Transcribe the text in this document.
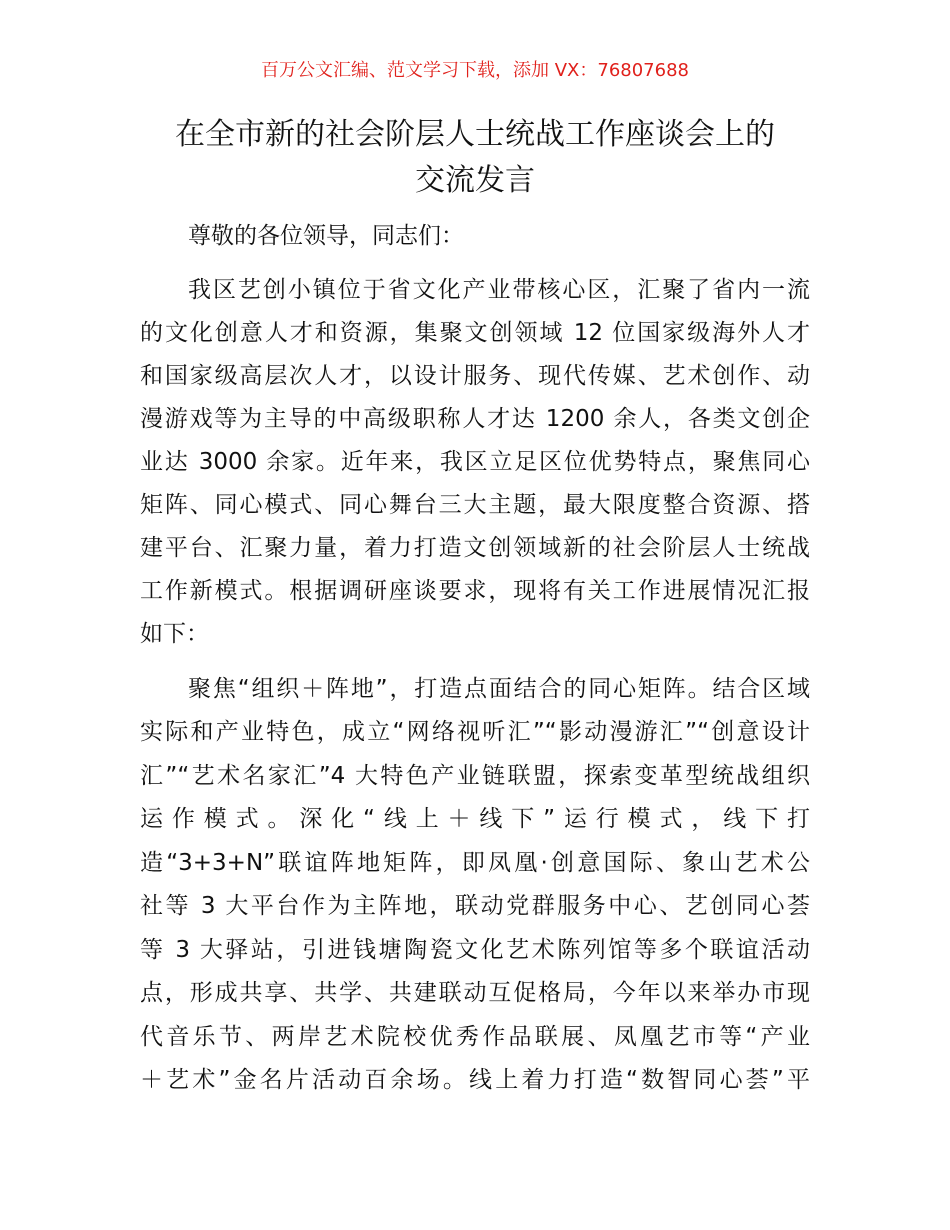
百万公文汇编、范文学习下载，添加 VX：76807688
在全市新的社会阶层人士统战工作座谈会上的
交流发言
尊敬的各位领导，同志们：
我区艺创小镇位于省文化产业带核心区，汇聚了省内一流
的文化创意人才和资源，集聚文创领域 12 位国家级海外人才
和国家级高层次人才，以设计服务、现代传媒、艺术创作、动
漫游戏等为主导的中高级职称人才达 1200 余人，各类文创企
业达 3000 余家。近年来，我区立足区位优势特点，聚焦同心
矩阵、同心模式、同心舞台三大主题，最大限度整合资源、搭
建平台、汇聚力量，着力打造文创领域新的社会阶层人士统战
工作新模式。根据调研座谈要求，现将有关工作进展情况汇报
如下：
聚焦“组织＋阵地”，打造点面结合的同心矩阵。结合区域
实际和产业特色，成立“网络视听汇”“影动漫游汇”“创意设计
汇”“艺术名家汇”4 大特色产业链联盟，探索变革型统战组织
运作模式。深化“线上＋线下”运行模式，线下打
造“3+3+N”联谊阵地矩阵，即凤凰·创意国际、象山艺术公
社等 3 大平台作为主阵地，联动党群服务中心、艺创同心荟
等 3 大驿站，引进钱塘陶瓷文化艺术陈列馆等多个联谊活动
点，形成共享、共学、共建联动互促格局，今年以来举办市现
代音乐节、两岸艺术院校优秀作品联展、凤凰艺市等“产业
＋艺术”金名片活动百余场。线上着力打造“数智同心荟”平
